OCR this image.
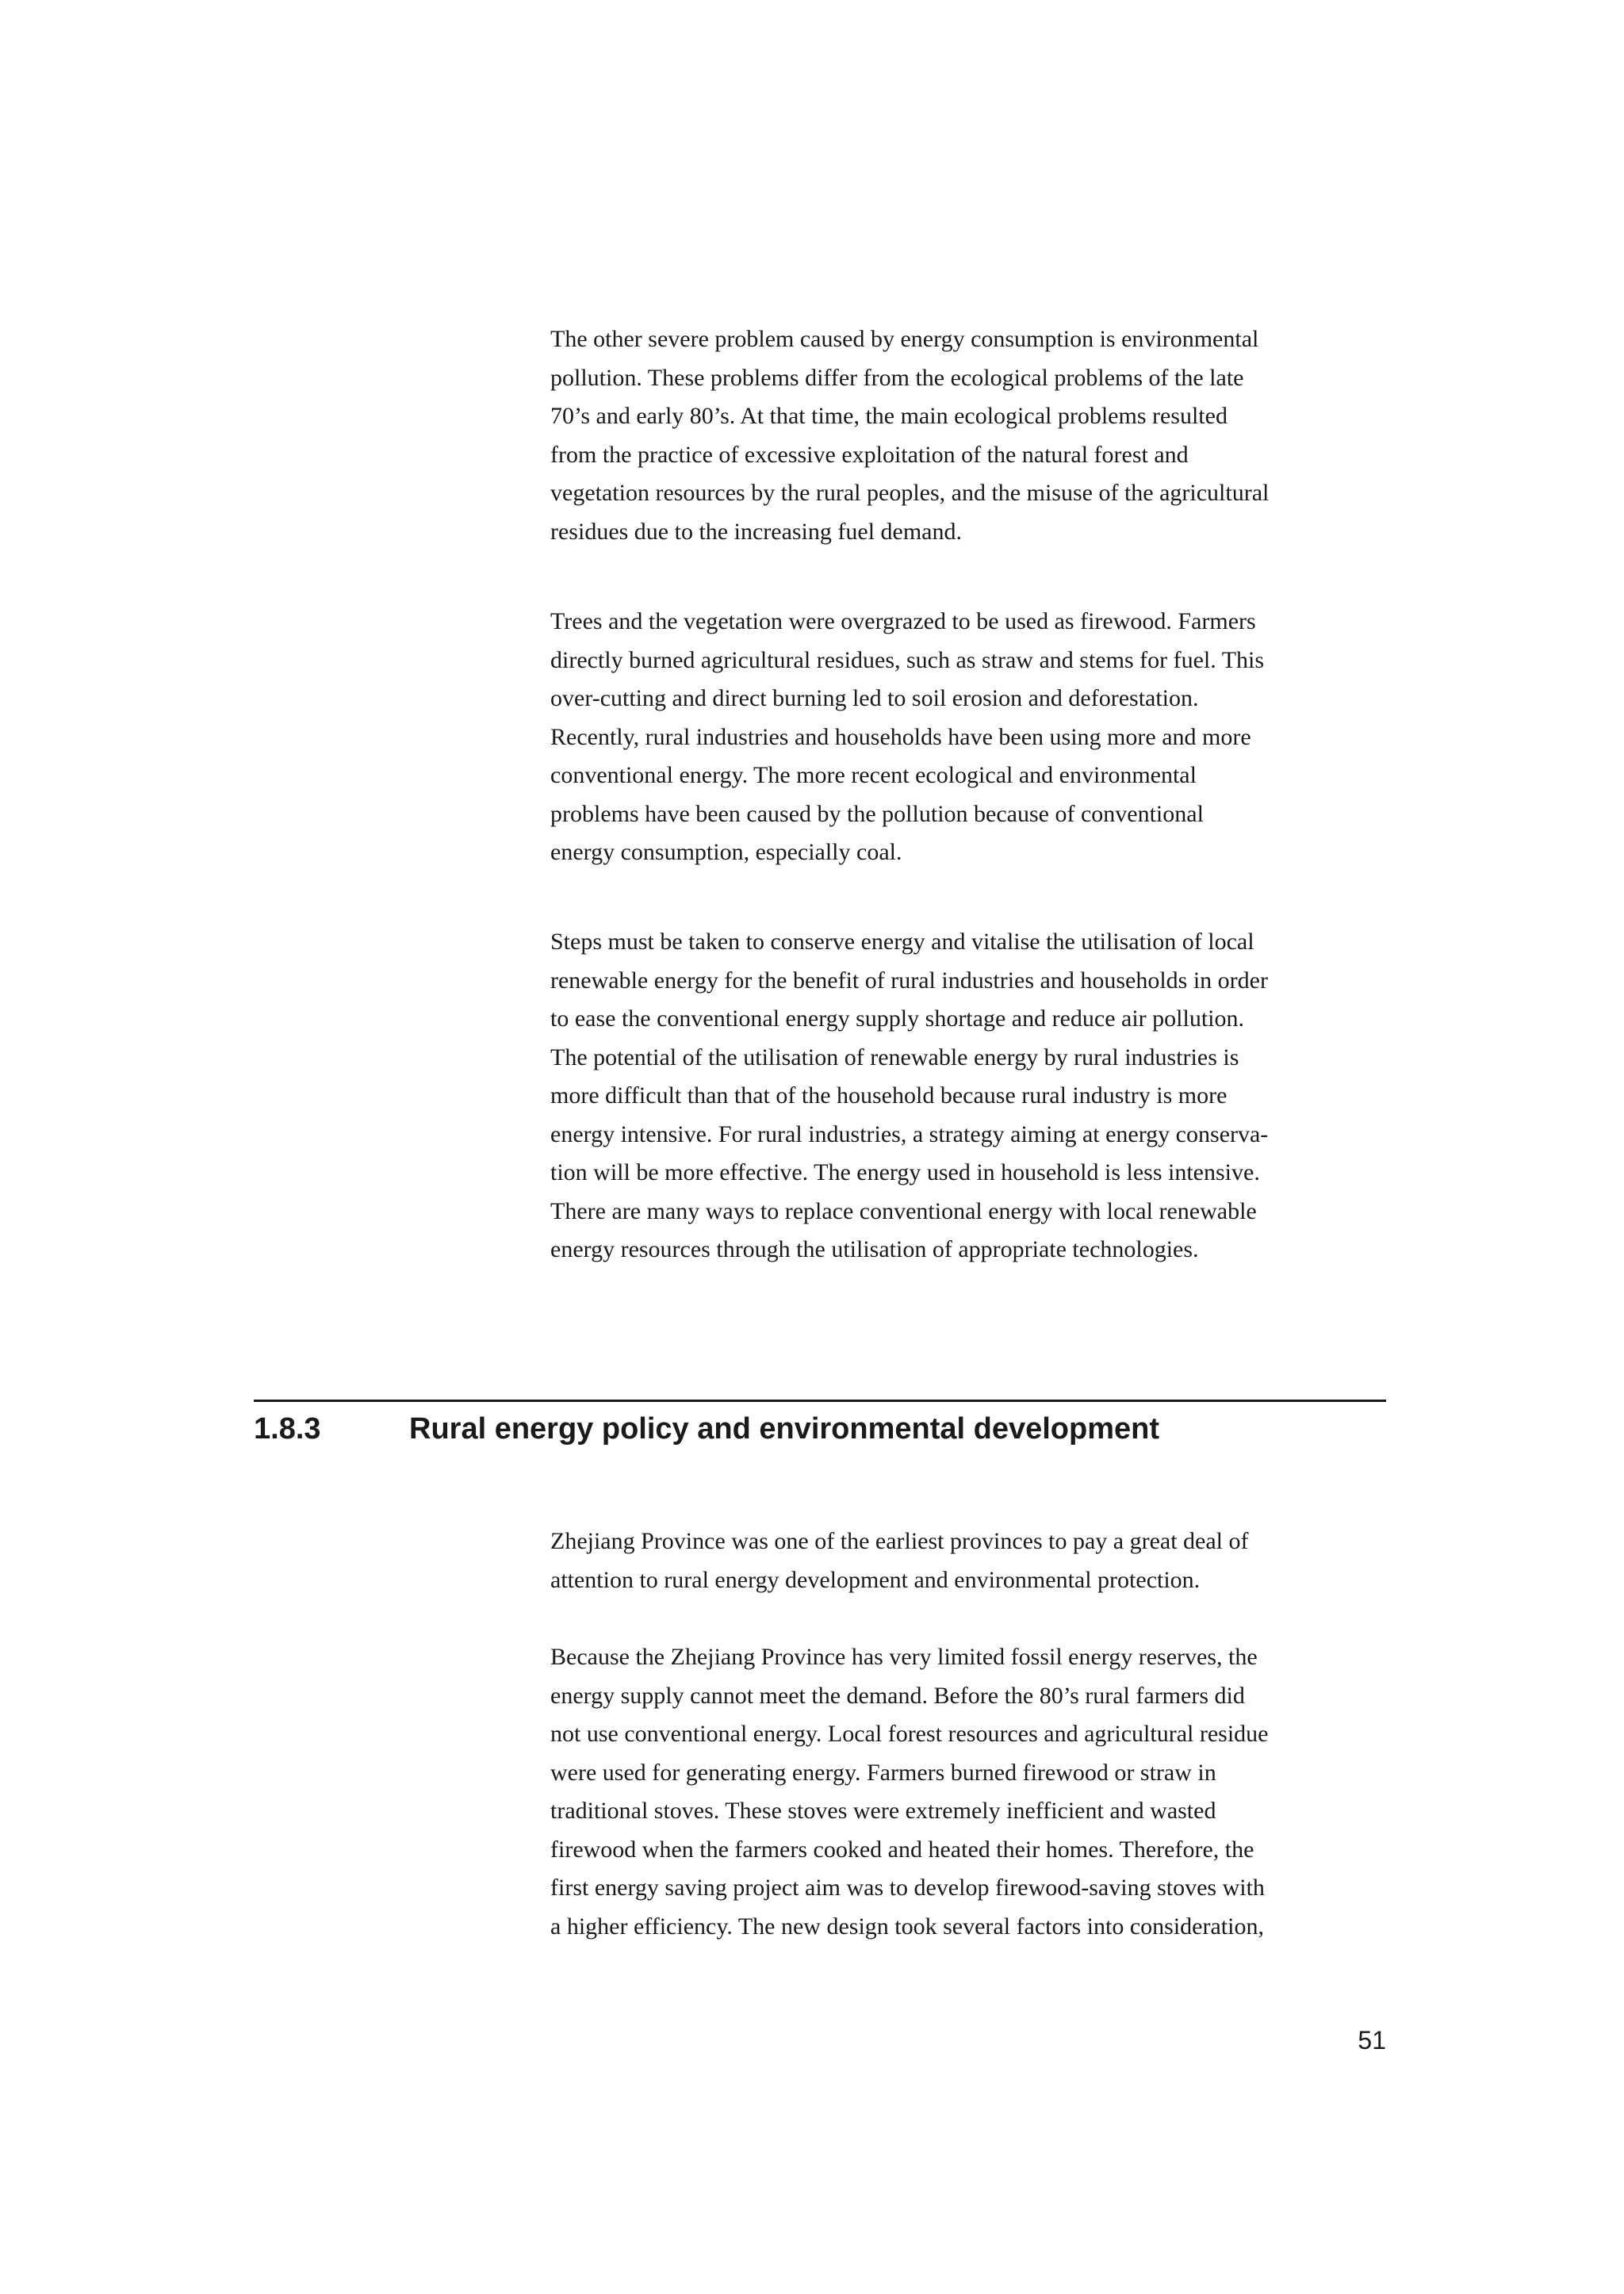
The other severe problem caused by energy consumption is environmental
pollution. These problems differ from the ecological problems of the late
70’s and early 80’s. At that time, the main ecological problems resulted
from the practice of excessive exploitation of the natural forest and
vegetation resources by the rural peoples, and the misuse of the agricultural
residues due to the increasing fuel demand.
Trees and the vegetation were overgrazed to be used as firewood. Farmers
directly burned agricultural residues, such as straw and stems for fuel. This
over-cutting and direct burning led to soil erosion and deforestation.
Recently, rural industries and households have been using more and more
conventional energy. The more recent ecological and environmental
problems have been caused by the pollution because of conventional
energy consumption, especially coal.
Steps must be taken to conserve energy and vitalise the utilisation of local
renewable energy for the benefit of rural industries and households in order
to ease the conventional energy supply shortage and reduce air pollution.
The potential of the utilisation of renewable energy by rural industries is
more difficult than that of the household because rural industry is more
energy intensive. For rural industries, a strategy aiming at energy conserva-
tion will be more effective. The energy used in household is less intensive.
There are many ways to replace conventional energy with local renewable
energy resources through the utilisation of appropriate technologies.
1.8.3	Rural energy policy and environmental development
Zhejiang Province was one of the earliest provinces to pay a great deal of
attention to rural energy development and environmental protection.
Because the Zhejiang Province has very limited fossil energy reserves, the
energy supply cannot meet the demand. Before the 80’s rural farmers did
not use conventional energy. Local forest resources and agricultural residue
were used for generating energy. Farmers burned firewood or straw in
traditional stoves. These stoves were extremely inefficient and wasted
firewood when the farmers cooked and heated their homes. Therefore, the
first energy saving project aim was to develop firewood-saving stoves with
a higher efficiency. The new design took several factors into consideration,
51
